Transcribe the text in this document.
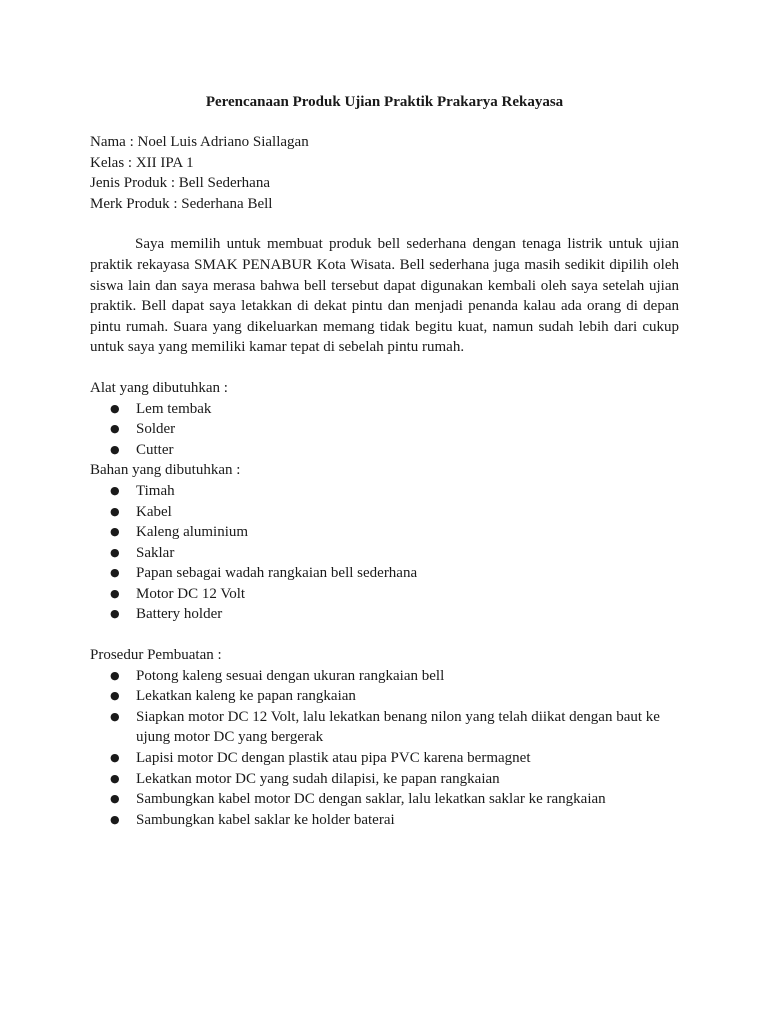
Perencanaan Produk Ujian Praktik Prakarya Rekayasa
Nama : Noel Luis Adriano Siallagan
Kelas : XII IPA 1
Jenis Produk : Bell Sederhana
Merk Produk : Sederhana Bell

Saya memilih untuk membuat produk bell sederhana dengan tenaga listrik untuk ujian praktik rekayasa SMAK PENABUR Kota Wisata. Bell sederhana juga masih sedikit dipilih oleh siswa lain dan saya merasa bahwa bell tersebut dapat digunakan kembali oleh saya setelah ujian praktik. Bell dapat saya letakkan di dekat pintu dan menjadi penanda kalau ada orang di depan pintu rumah. Suara yang dikeluarkan memang tidak begitu kuat, namun sudah lebih dari cukup untuk saya yang memiliki kamar tepat di sebelah pintu rumah.

Alat yang dibutuhkan :
● Lem tembak
● Solder
● Cutter
Bahan yang dibutuhkan :
● Timah
● Kabel
● Kaleng aluminium
● Saklar
● Papan sebagai wadah rangkaian bell sederhana
● Motor DC 12 Volt
● Battery holder
Prosedur Pembuatan :
● Potong kaleng sesuai dengan ukuran rangkaian bell
● Lekatkan kaleng ke papan rangkaian
● Siapkan motor DC 12 Volt, lalu lekatkan benang nilon yang telah diikat dengan baut ke ujung motor DC yang bergerak
● Lapisi motor DC dengan plastik atau pipa PVC karena bermagnet
● Lekatkan motor DC yang sudah dilapisi, ke papan rangkaian
● Sambungkan kabel motor DC dengan saklar, lalu lekatkan saklar ke rangkaian
● Sambungkan kabel saklar ke holder baterai
